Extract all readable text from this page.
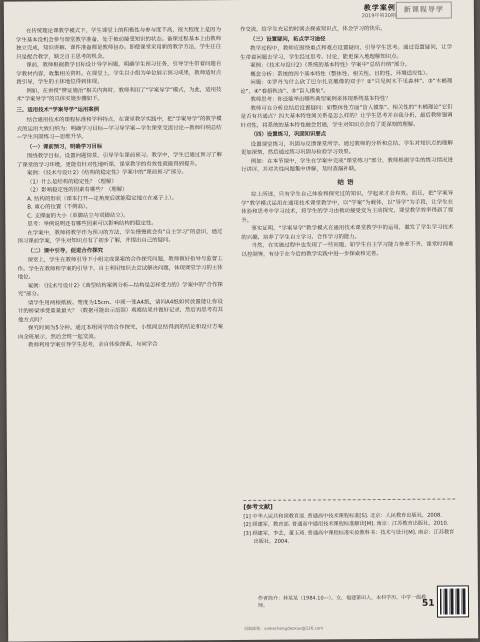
教学案例
2019年第30期
新课程导学

在传统理论课教学模式下，学生课堂上的积极性与参与度不高，很大程度上是因为学生基本没机会参与课堂教学准备，处于被动接受知识的状态。备课过程基本上由教师独立完成，知识讲解、课件准备都是教师包办。即便课堂采用新的教学方法，学生往往只是配合教学，缺乏自主思考的机会。

课前，教师根据教学目标设计导学问题，明确学生预习任务，引导学生带着问题自学教材内容，收集相关资料。在课堂上，学生以小组为单位展示预习成果，教师适时点拨引导，学生的主体地位得到体现。

例如，在讲授“辨证施治”相关内容时，教师利用了“学案导学”模式，为此，适用技术“学案导学”的具体实施步骤如下。

三、适用技术“学案导学”运用案例

结合通用技术的课程标准和学科特点，在课堂教学实践中，把“学案导学”的教学模式的运用大致归纳为：明确学习目标—学习导学案—学生课堂交流讨论—教师归纳总结—学生巩固练习—思维升华。

（一）课前预习，明确学习目标

围绕教学目标，设置问题情景，引导学生课前预习。教学中，学生已通过预习了解了课堂的学习环境，更能有针对性地听课，课堂教学的有效性就能得到提升。

案例：《技术与设计2》《结构的稳定性》学案中的“课前预习”部分。

（1）什么是结构的稳定性？（理解）

（2）影响稳定性的因素有哪些？（理解）

A. 结构的形状（课本打开—定角度后就能稳定地立在桌子上）。

B. 重心的位置（不倒翁）。

C. 支撑面的大小（单脚站立与双脚站立）。

思考：举例说明还有哪些因素可以影响结构的稳定性。

在学案中，教师将教学作为预习的方法，学生慢慢就会有“自主学习”的意识，通过预习课前学案，学生对知识点有了初步了解，并提出自己的疑问。

（二）课中引导，促进合作探究

课堂上，学生在教师引导下小组完成课案的合作探究问题，教师做好指导与监督工作。学生在教师和学案的引导下，自主利用知识去尝试解决问题，体现课堂学习的主体地位。

案例：《技术与设计2》《典型结构案例分析—结构是怎样受力的》学案中的“合作探究”部分。

请学生用两根纸板、宽度为15cm、中间一张A4纸，请问A4纸如何放置能让你设计的桥梁承受重量最大？（数据可能出示范围）观察结果并做好记录，然后再思考有其他方式吗？

探究时间为5分钟。通过本组同学的合作探究，小组间总结得到的结论和设计方案向全班展示，然后全班一起交流。

教师利用学案引导学生思考，亲自体验探索，与同学合

作交流，给学生充足的时间去探索知识点，体会学习的快乐。

（三）设置疑问，拓点学习途径

教学过程中，教师应围绕重点和难点设置疑问，引导学生思考。通过设置疑问，让学生带着问题去学习，学生经过思考、讨论，能更深入地理解知识点。

案例：《技术与设计2》《系统的基本特性》学案中“总结归纳”部分。

概念分析：系统的四个基本特性（整体性、相关性、目的性、环境适应性）。

问题：①罗丹为什么砍了巴尔扎克雕像的双手？②“只见树木不见森林”、③“木桶理论”、④“春捂秋冻”、⑤“盲人摸象”。

教师思考：你还能举出哪些典型案例来体现系统基本特性？

教师可在分析总结后设置疑问：如整体性方面“盲人摸象”、相关性的“木桶理论”它们是否有共通点？四大基本特性间关系是怎么样的？让学生思考并自我分析，最后教师强调针对性，将系统的基本特性融会贯通，学生对知识点会有了更深刻的理解。

（四）设置练习，巩固知识要点

设置课堂练习，巩固与反馈课堂所学。通过教师的分析和总结，学生对知识点的理解更加深刻，然后通过练习巩固与检验学习效果。

例如：在本节课中，学生在学案中完成“课堂练习”部分，教师根据学生的练习情况进行讲评，并对共性问题集中讲解，及时查漏补缺。

结语

综上所述，只有学生自己体验和探究过的知识，学起来才会有效。而且，把“学案导学”教学模式运用在通用技术课堂教学中，以“学案”为载体，以“导学”为手段，让学生在体验和思考中学习技术，将学生的学习由被动接受变为主动探究，课堂教学效率得到了提升。

事实证明，“学案导学”教学模式在通用技术课堂教学中的运用，激发了学生学习技术的兴趣，培养了学生自主学习、合作学习的能力。

当然，在实施过程中也发现了一些问题，如学生自主学习能力参差不齐、课堂时间难以控制等，有待于在今后的教学实践中进一步探索和完善。

[参考文献]
[1] 中华人民共和国教育部. 普通高中技术课程标准[S]. 北京：人民教育出版社，2008.
[2] 顾建军，教育部. 普通高中通用技术课程标准解读[M]. 南京：江苏教育出版社，2010.
[3] 顾建军，李艺，董玉琦. 普通高中课程标准实验教科书：技术与设计[M]. 南京：江苏教育出版社，2004.
作者简介：林某某（1984.10—），女，福建莆田人，本科学历，中学一级教师。	51
投稿邮箱：xinkechengdaoxue@126.com
